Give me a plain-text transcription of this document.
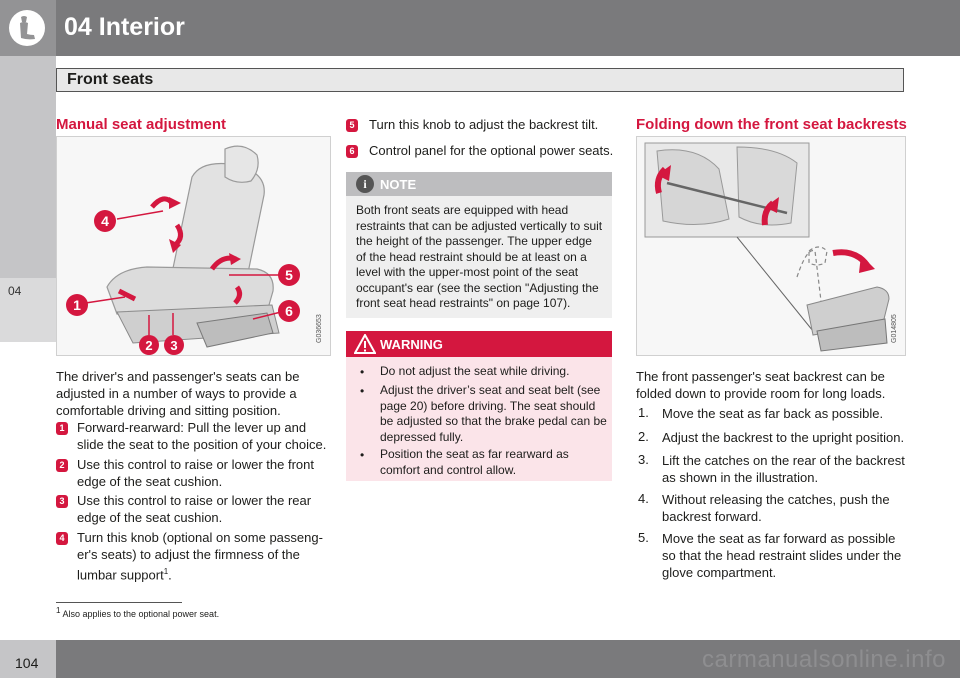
04 Interior
Front seats
04
Manual seat adjustment
4
5
1	6
2 3
G036653
The driver's and passenger's seats can be adjusted in a number of ways to provide a comfortable driving and sitting position.
1 Forward-rearward: Pull the lever up and
slide the seat to the position of your choice.
2 Use this control to raise or lower the front
edge of the seat cushion.
3 Use this control to raise or lower the rear
edge of the seat cushion.
4 Turn this knob (optional on some passeng-
er's seats) to adjust the firmness of the
lumbar support$^1$.
5 Turn this knob to adjust the backrest tilt.
6 Control panel for the optional power seats.
i	NOTE
Both front seats are equipped with head restraints that can be adjusted vertically to suit the height of the passenger. The upper edge of the head restraint should be at least on a level with the upper-most point of the seat occupant's ear (see the section "Adjusting the front seat head restraints" on page 107).
WARNING
• Do not adjust the seat while driving.
• Adjust the driver’s seat and seat belt (see page 20) before driving. The seat should be adjusted so that the brake pedal can be depressed fully.
• Position the seat as far rearward as comfort and control allow.
Folding down the front seat backrests
G014805
The front passenger's seat backrest can be folded down to provide room for long loads.
1. Move the seat as far back as possible.
2. Adjust the backrest to the upright position.
3. Lift the catches on the rear of the backrest
as shown in the illustration.
4. Without releasing the catches, push the
backrest forward.
5. Move the seat as far forward as possible
so that the head restraint slides under the
glove compartment.
$^1$ Also applies to the optional power seat.
104	carmanualsonline.info
